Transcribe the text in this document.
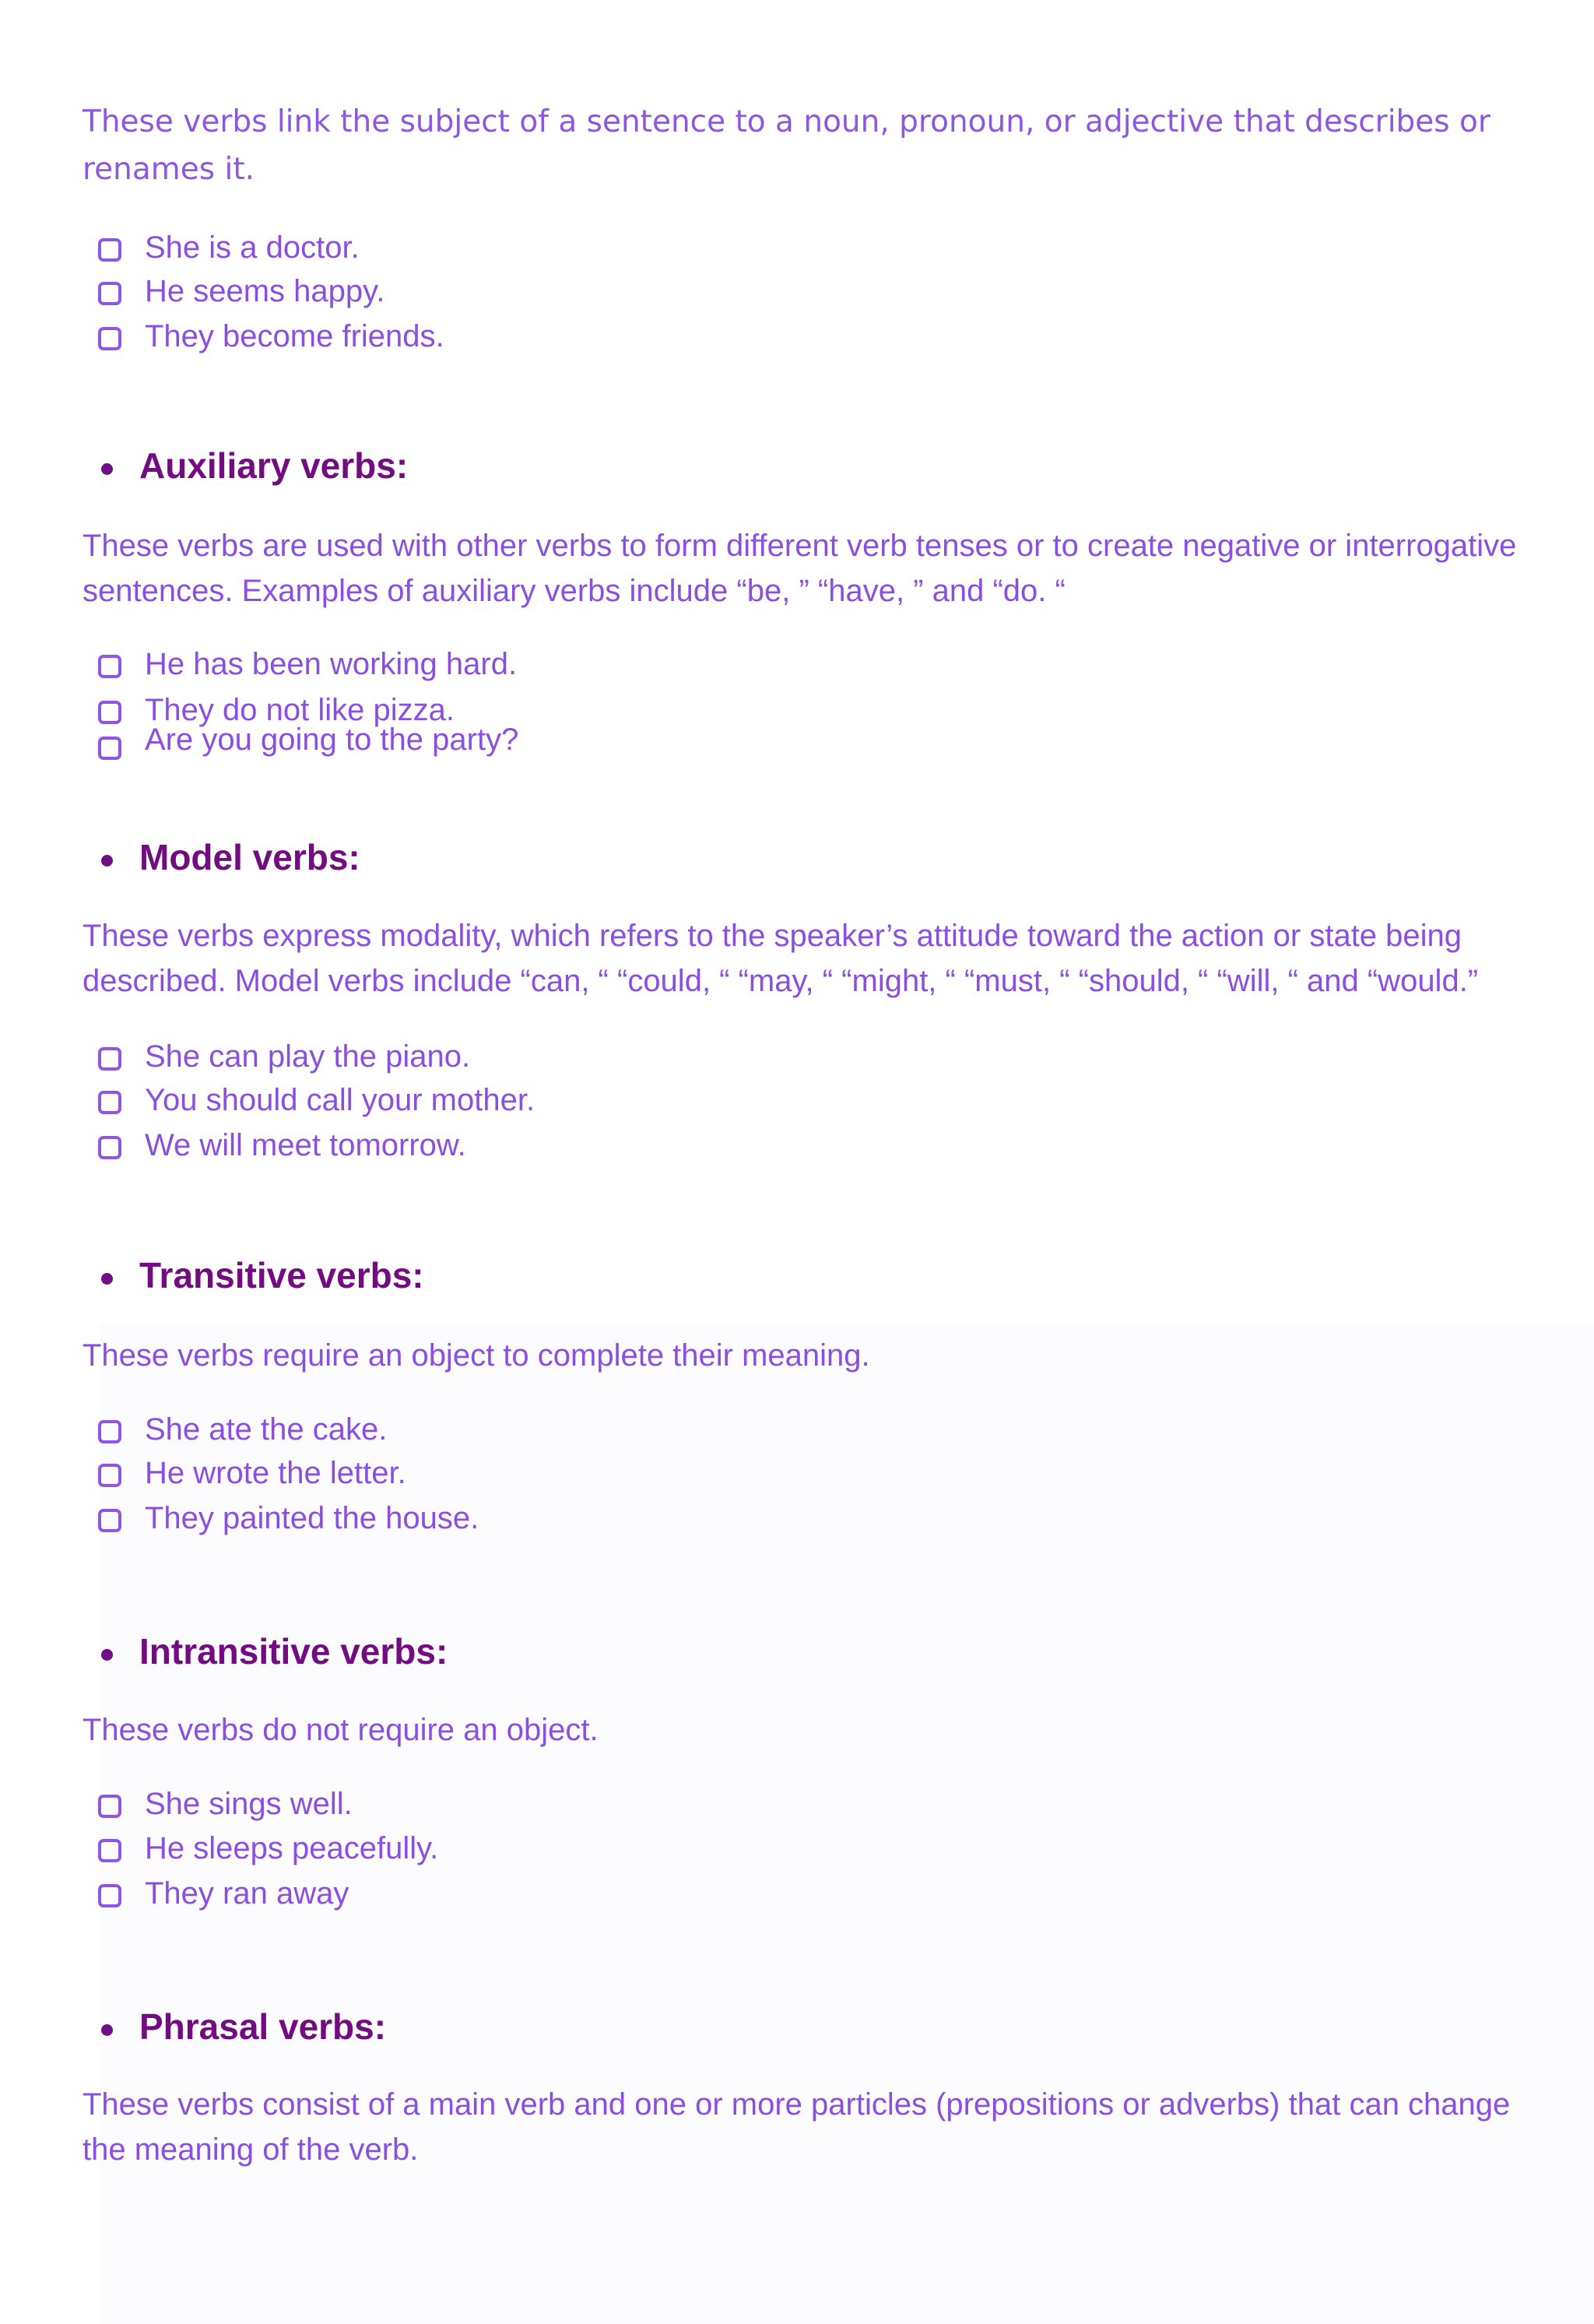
These verbs link the subject of a sentence to a noun, pronoun, or adjective that describes or renames it.

She is a doctor.
He seems happy.
They become friends.
Auxiliary verbs:

These verbs are used with other verbs to form different verb tenses or to create negative or interrogative sentences. Examples of auxiliary verbs include “be, ” “have, ” and “do. “

He has been working hard.
They do not like pizza.
Are you going to the party?
Model verbs:

These verbs express modality, which refers to the speaker’s attitude toward the action or state being described. Model verbs include “can, “ “could, “ “may, “ “might, “ “must, “ “should, “ “will, “ and “would.”

She can play the piano.
You should call your mother.
We will meet tomorrow.
Transitive verbs:

These verbs require an object to complete their meaning.

She ate the cake.
He wrote the letter.
They painted the house.
Intransitive verbs:

These verbs do not require an object.

She sings well.
He sleeps peacefully.
They ran away
Phrasal verbs:

These verbs consist of a main verb and one or more particles (prepositions or adverbs) that can change the meaning of the verb.
